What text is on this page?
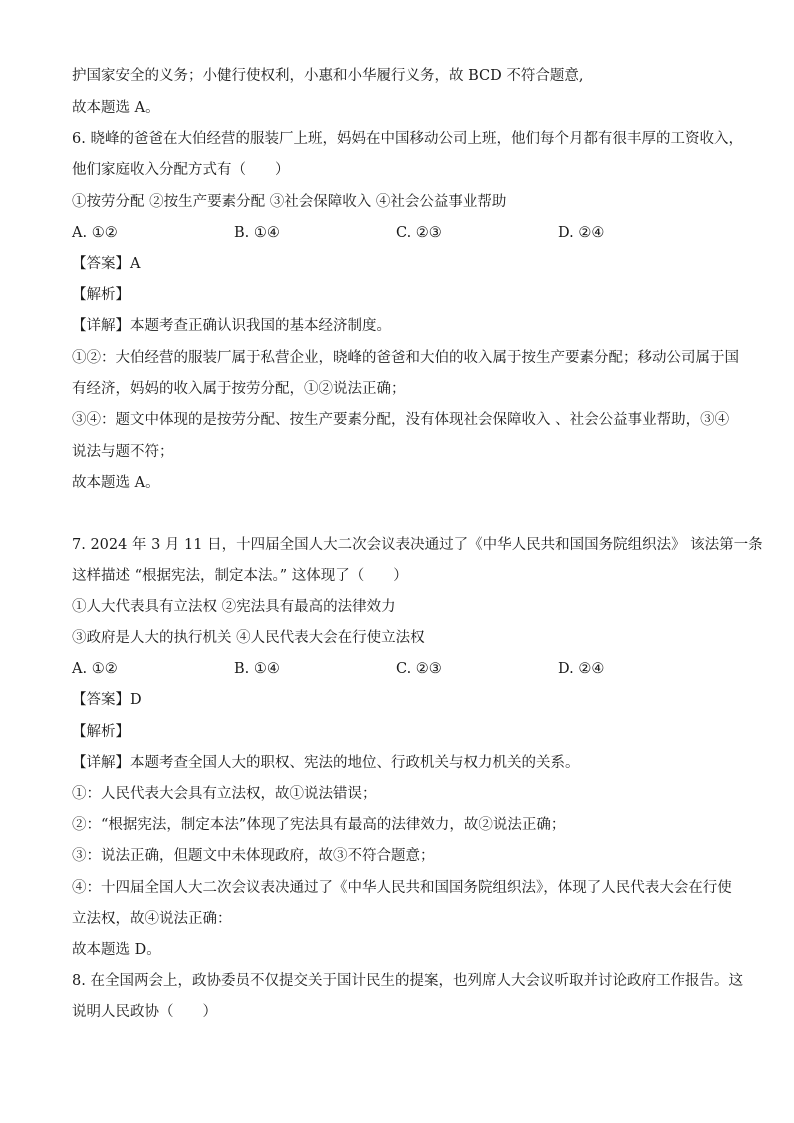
护国家安全的义务；小健行使权利，小惠和小华履行义务，故 BCD 不符合题意,
故本题选 A。
6. 晓峰的爸爸在大伯经营的服装厂上班，妈妈在中国移动公司上班，他们每个月都有很丰厚的工资收入，
他们家庭收入分配方式有（　　）
①按劳分配 ②按生产要素分配 ③社会保障收入 ④社会公益事业帮助
A. ①②	B. ①④	C. ②③	D. ②④
【答案】A
【解析】
【详解】本题考查正确认识我国的基本经济制度。
①②：大伯经营的服装厂属于私营企业，晓峰的爸爸和大伯的收入属于按生产要素分配；移动公司属于国
有经济，妈妈的收入属于按劳分配，①②说法正确；
③④：题文中体现的是按劳分配、按生产要素分配，没有体现社会保障收入 、社会公益事业帮助，③④
说法与题不符；
故本题选 A。
7. 2024 年 3 月 11 日，十四届全国人大二次会议表决通过了《中华人民共和国国务院组织法》 该法第一条
这样描述 “根据宪法，制定本法。” 这体现了（　　）
①人大代表具有立法权 ②宪法具有最高的法律效力
③政府是人大的执行机关 ④人民代表大会在行使立法权
A. ①②	B. ①④	C. ②③	D. ②④
【答案】D
【解析】
【详解】本题考查全国人大的职权、宪法的地位、行政机关与权力机关的关系。
①：人民代表大会具有立法权，故①说法错误；
②：“根据宪法，制定本法”体现了宪法具有最高的法律效力，故②说法正确；
③：说法正确，但题文中未体现政府，故③不符合题意；
④：十四届全国人大二次会议表决通过了《中华人民共和国国务院组织法》，体现了人民代表大会在行使
立法权，故④说法正确：
故本题选 D。
8. 在全国两会上，政协委员不仅提交关于国计民生的提案，也列席人大会议听取并讨论政府工作报告。这
说明人民政协（　　）
